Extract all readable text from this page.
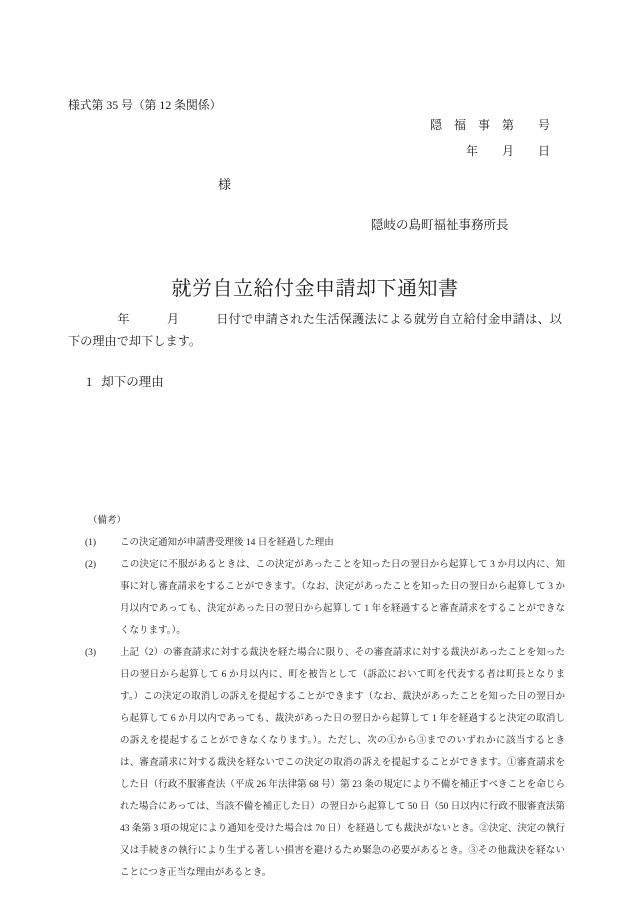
様式第 35 号（第 12 条関係）
隠　福　事　第　　号
年　　月　　日
様
隠岐の島町福祉事務所長
就労自立給付金申請却下通知書

　　　　年　　　月　　　日付で申請された生活保護法による就労自立給付金申請は、以下の理由で却下します。

1 却下の理由
（備考）
(1)	この決定通知が申請書受理後 14 日を経過した理由
(2)	この決定に不服があるときは、この決定があったことを知った日の翌日から起算して 3 か月以内に、知事に対し審査請求をすることができます。（なお、決定があったことを知った日の翌日から起算して 3 か月以内であっても、決定があった日の翌日から起算して 1 年を経過すると審査請求をすることができなくなります。）。
(3)	上記（2）の審査請求に対する裁決を経た場合に限り、その審査請求に対する裁決があったことを知った日の翌日から起算して 6 か月以内に、町を被告として（訴訟において町を代表する者は町長となります。）この決定の取消しの訴えを提起することができます（なお、裁決があったことを知った日の翌日から起算して 6 か月以内であっても、裁決があった日の翌日から起算して 1 年を経過すると決定の取消しの訴えを提起することができなくなります。）。ただし、次の①から③までのいずれかに該当するときは、審査請求に対する裁決を経ないでこの決定の取消の訴えを提起することができます。①審査請求をした日（行政不服審査法（平成 26 年法律第 68 号）第 23 条の規定により不備を補正すべきことを命じられた場合にあっては、当該不備を補正した日）の翌日から起算して 50 日（50 日以内に行政不服審査法第 43 条第 3 項の規定により通知を受けた場合は 70 日）を経過しても裁決がないとき。②決定、決定の執行又は手続きの執行により生ずる著しい損害を避けるため緊急の必要があるとき。③その他裁決を経ないことにつき正当な理由があるとき。
